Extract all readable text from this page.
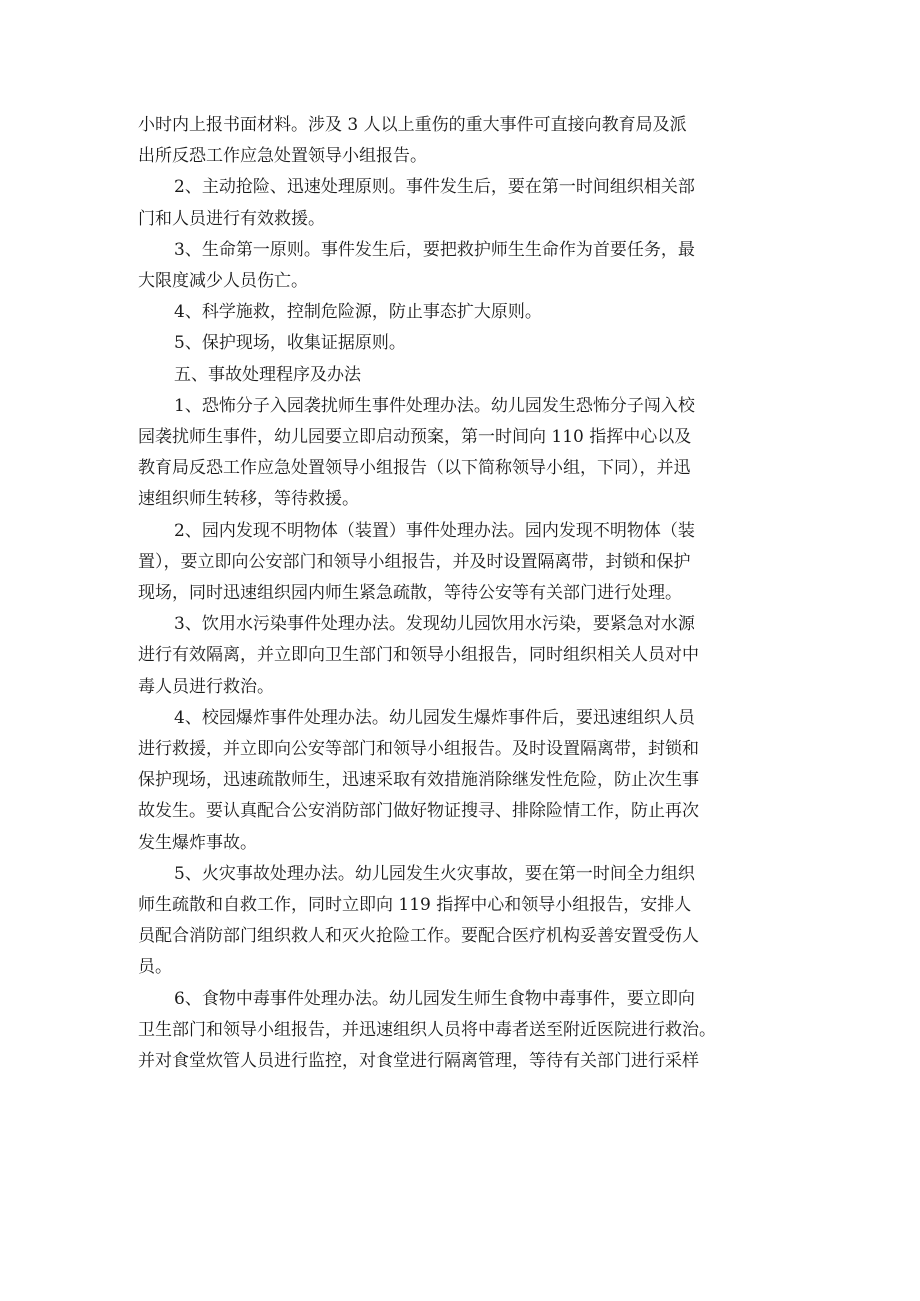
小时内上报书面材料。涉及 3 人以上重伤的重大事件可直接向教育局及派
出所反恐工作应急处置领导小组报告。
2、主动抢险、迅速处理原则。事件发生后，要在第一时间组织相关部
门和人员进行有效救援。
3、生命第一原则。事件发生后，要把救护师生生命作为首要任务，最
大限度减少人员伤亡。
4、科学施救，控制危险源，防止事态扩大原则。
5、保护现场，收集证据原则。
五、事故处理程序及办法
1、恐怖分子入园袭扰师生事件处理办法。幼儿园发生恐怖分子闯入校
园袭扰师生事件，幼儿园要立即启动预案，第一时间向 110 指挥中心以及
教育局反恐工作应急处置领导小组报告（以下简称领导小组，下同），并迅
速组织师生转移，等待救援。
2、园内发现不明物体（装置）事件处理办法。园内发现不明物体（装
置），要立即向公安部门和领导小组报告，并及时设置隔离带，封锁和保护
现场，同时迅速组织园内师生紧急疏散，等待公安等有关部门进行处理。
3、饮用水污染事件处理办法。发现幼儿园饮用水污染，要紧急对水源
进行有效隔离，并立即向卫生部门和领导小组报告，同时组织相关人员对中
毒人员进行救治。
4、校园爆炸事件处理办法。幼儿园发生爆炸事件后，要迅速组织人员
进行救援，并立即向公安等部门和领导小组报告。及时设置隔离带，封锁和
保护现场，迅速疏散师生，迅速采取有效措施消除继发性危险，防止次生事
故发生。要认真配合公安消防部门做好物证搜寻、排除险情工作，防止再次
发生爆炸事故。
5、火灾事故处理办法。幼儿园发生火灾事故，要在第一时间全力组织
师生疏散和自救工作，同时立即向 119 指挥中心和领导小组报告，安排人
员配合消防部门组织救人和灭火抢险工作。要配合医疗机构妥善安置受伤人
员。
6、食物中毒事件处理办法。幼儿园发生师生食物中毒事件，要立即向
卫生部门和领导小组报告，并迅速组织人员将中毒者送至附近医院进行救治。
并对食堂炊管人员进行监控，对食堂进行隔离管理，等待有关部门进行采样
